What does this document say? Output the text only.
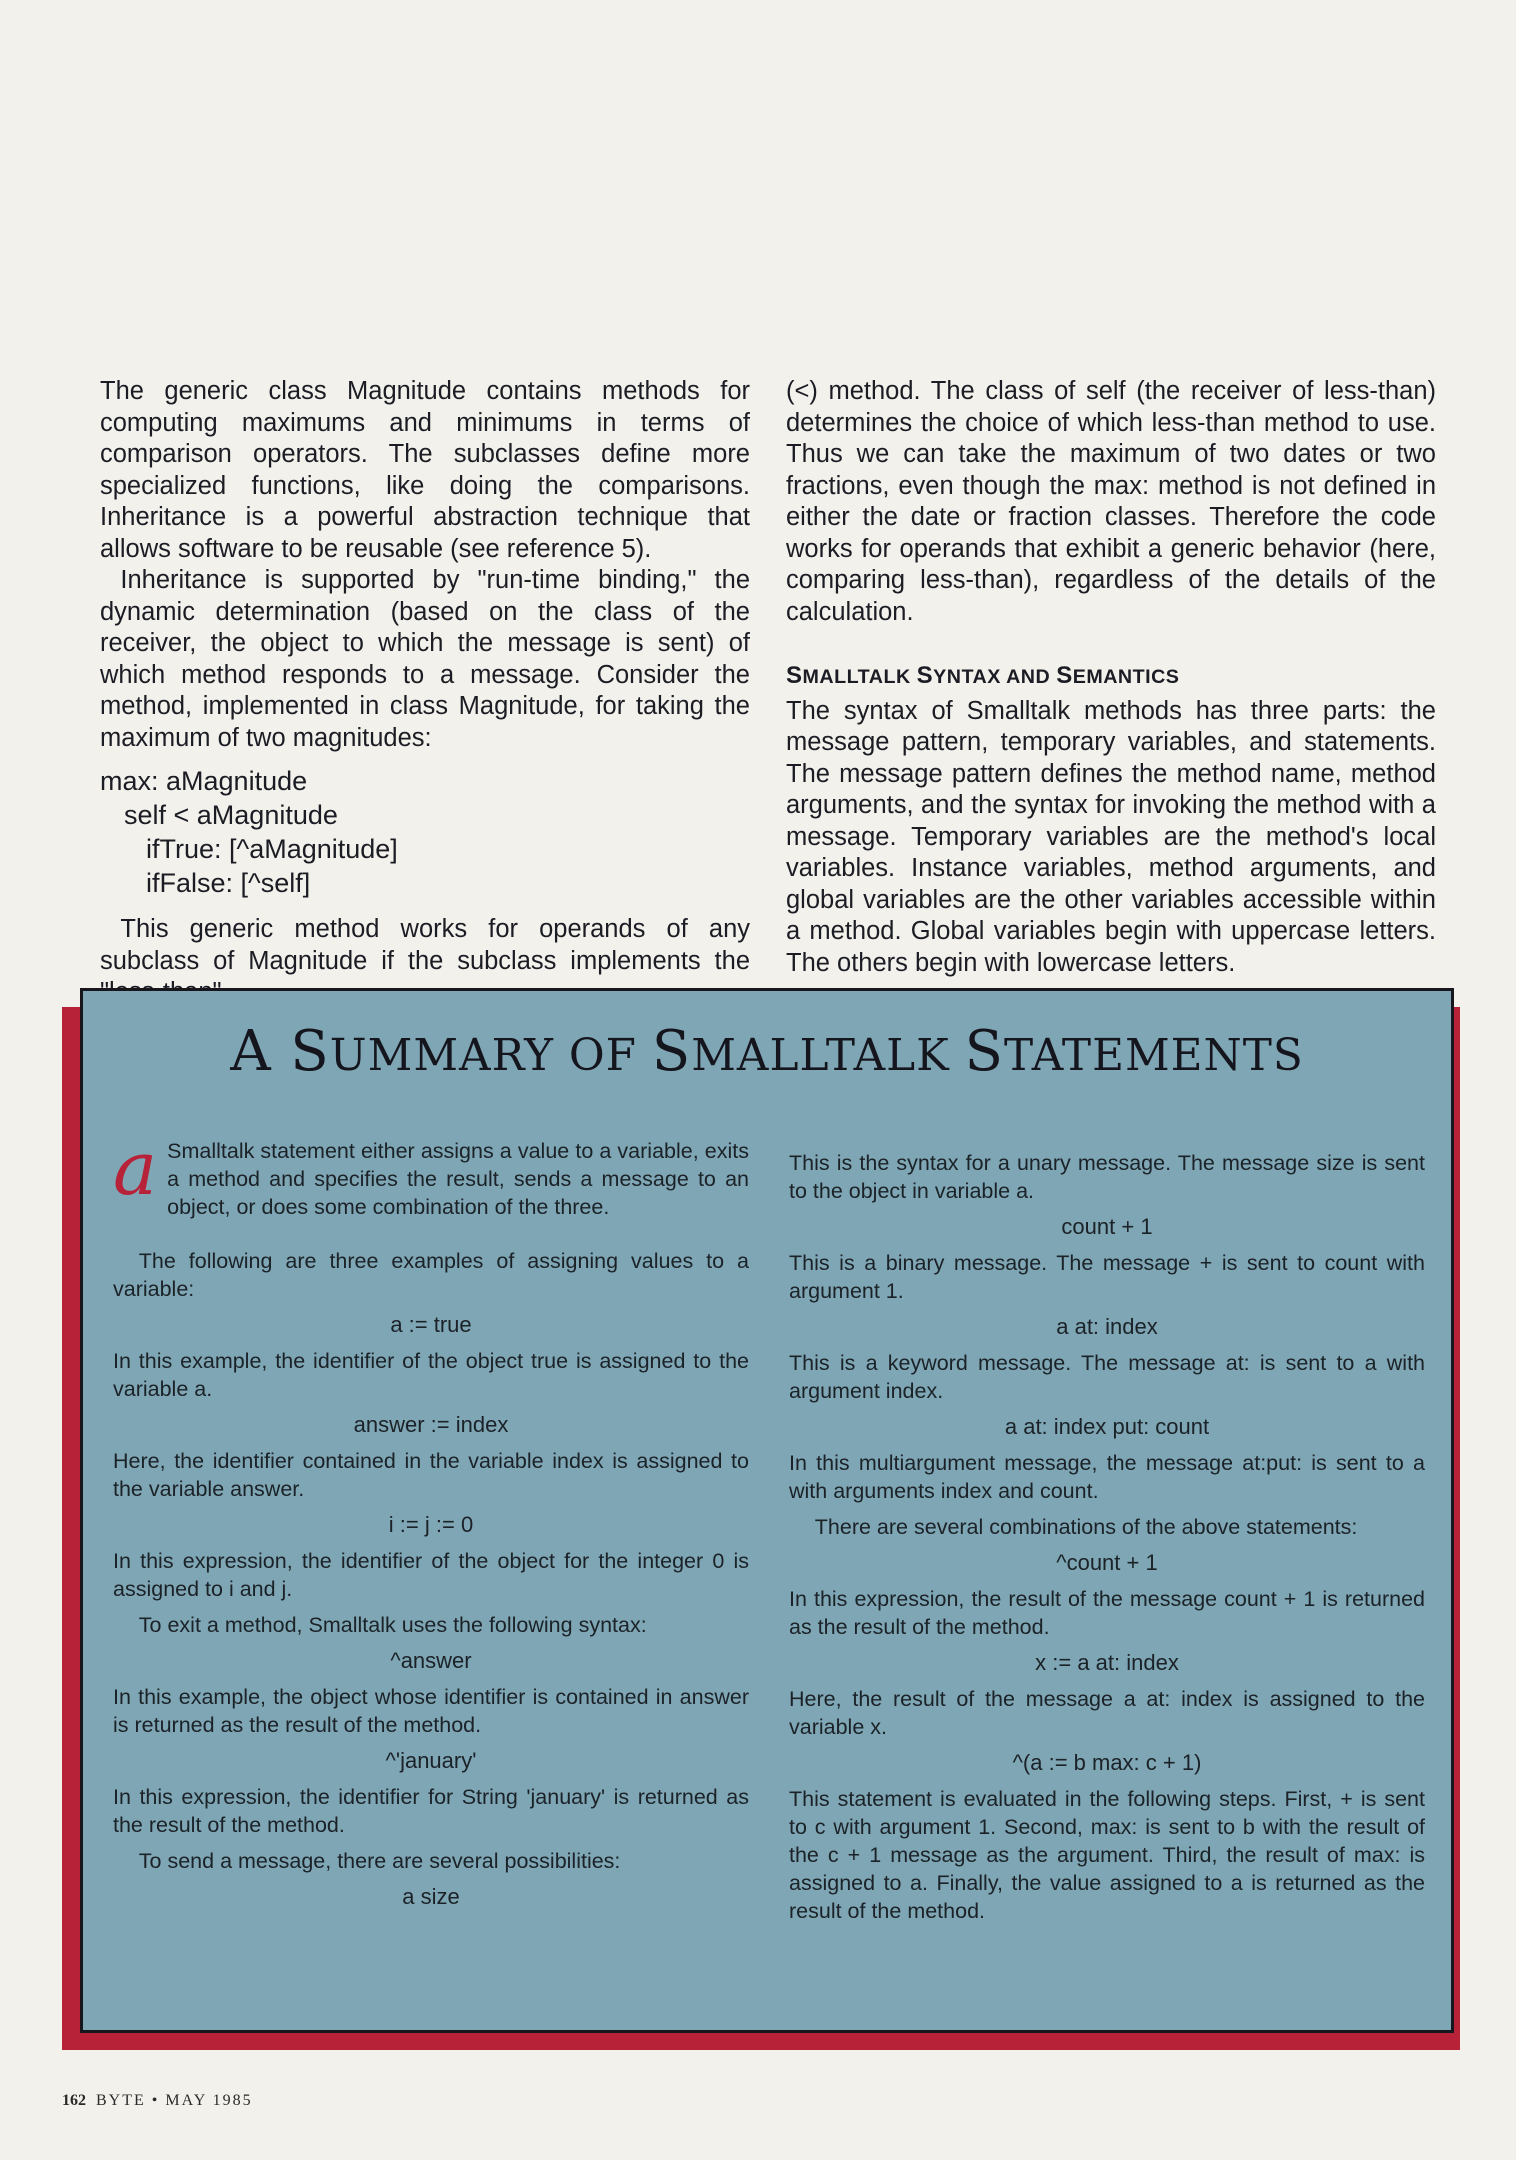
The generic class Magnitude contains methods for computing maximums and minimums in terms of comparison operators. The subclasses define more specialized functions, like doing the comparisons. Inheritance is a powerful abstraction technique that allows software to be reusable (see reference 5).

Inheritance is supported by "run-time binding," the dynamic determination (based on the class of the receiver, the object to which the message is sent) of which method responds to a message. Consider the method, implemented in class Magnitude, for taking the maximum of two magnitudes:

max: aMagnitude
self < aMagnitude
ifTrue: [^aMagnitude]
ifFalse: [^self]

This generic method works for operands of any subclass of Magnitude if the subclass implements the

(<) method. The class of self (the receiver of less-than) determines the choice of which less-than method to use. Thus we can take the maximum of two dates or two fractions, even though the max: method is not defined in either the date or fraction classes. Therefore the code works for operands that exhibit a generic behavior (here, comparing less-than), regardless of the details of the calculation.

SMALLTALK SYNTAX AND SEMANTICS

The syntax of Smalltalk methods has three parts: the message pattern, temporary variables, and statements. The message pattern defines the method name, method arguments, and the syntax for invoking the method with a message. Temporary variables are the method's local variables. Instance variables, method arguments, and global variables are the other variables accessible within a method. Global variables begin with uppercase letters. The others begin with lowercase letters.

A SUMMARY OF SMALLTALK STATEMENTS

a Smalltalk statement either assigns a value to a variable, exits a method and specifies the result, sends a message to an object, or does some combination of the three.

The following are three examples of assigning values to a variable:

a := true

In this example, the identifier of the object true is assigned to the variable a.

answer := index

Here, the identifier contained in the variable index is assigned to the variable answer.

i := j := 0

In this expression, the identifier of the object for the integer 0 is assigned to i and j.

To exit a method, Smalltalk uses the following syntax:

^answer

In this example, the object whose identifier is contained in answer is returned as the result of the method.

^'january'

In this expression, the identifier for String 'january' is returned as the result of the method.

To send a message, there are several possibilities:

a size

This is the syntax for a unary message. The message size is sent to the object in variable a.

count + 1

This is a binary message. The message + is sent to count with argument 1.

a at: index

This is a keyword message. The message at: is sent to a with argument index.

a at: index put: count

In this multiargument message, the message at:put: is sent to a with arguments index and count.

There are several combinations of the above statements:

^count + 1

In this expression, the result of the message count + 1 is returned as the result of the method.

x := a at: index

Here, the result of the message a at: index is assigned to the variable x.

^(a := b max: c + 1)

This statement is evaluated in the following steps. First, + is sent to c with argument 1. Second, max: is sent to b with the result of the c + 1 message as the argument. Third, the result of max: is assigned to a. Finally, the value assigned to a is returned as the result of the method.

162 BYTE • MAY 1985
